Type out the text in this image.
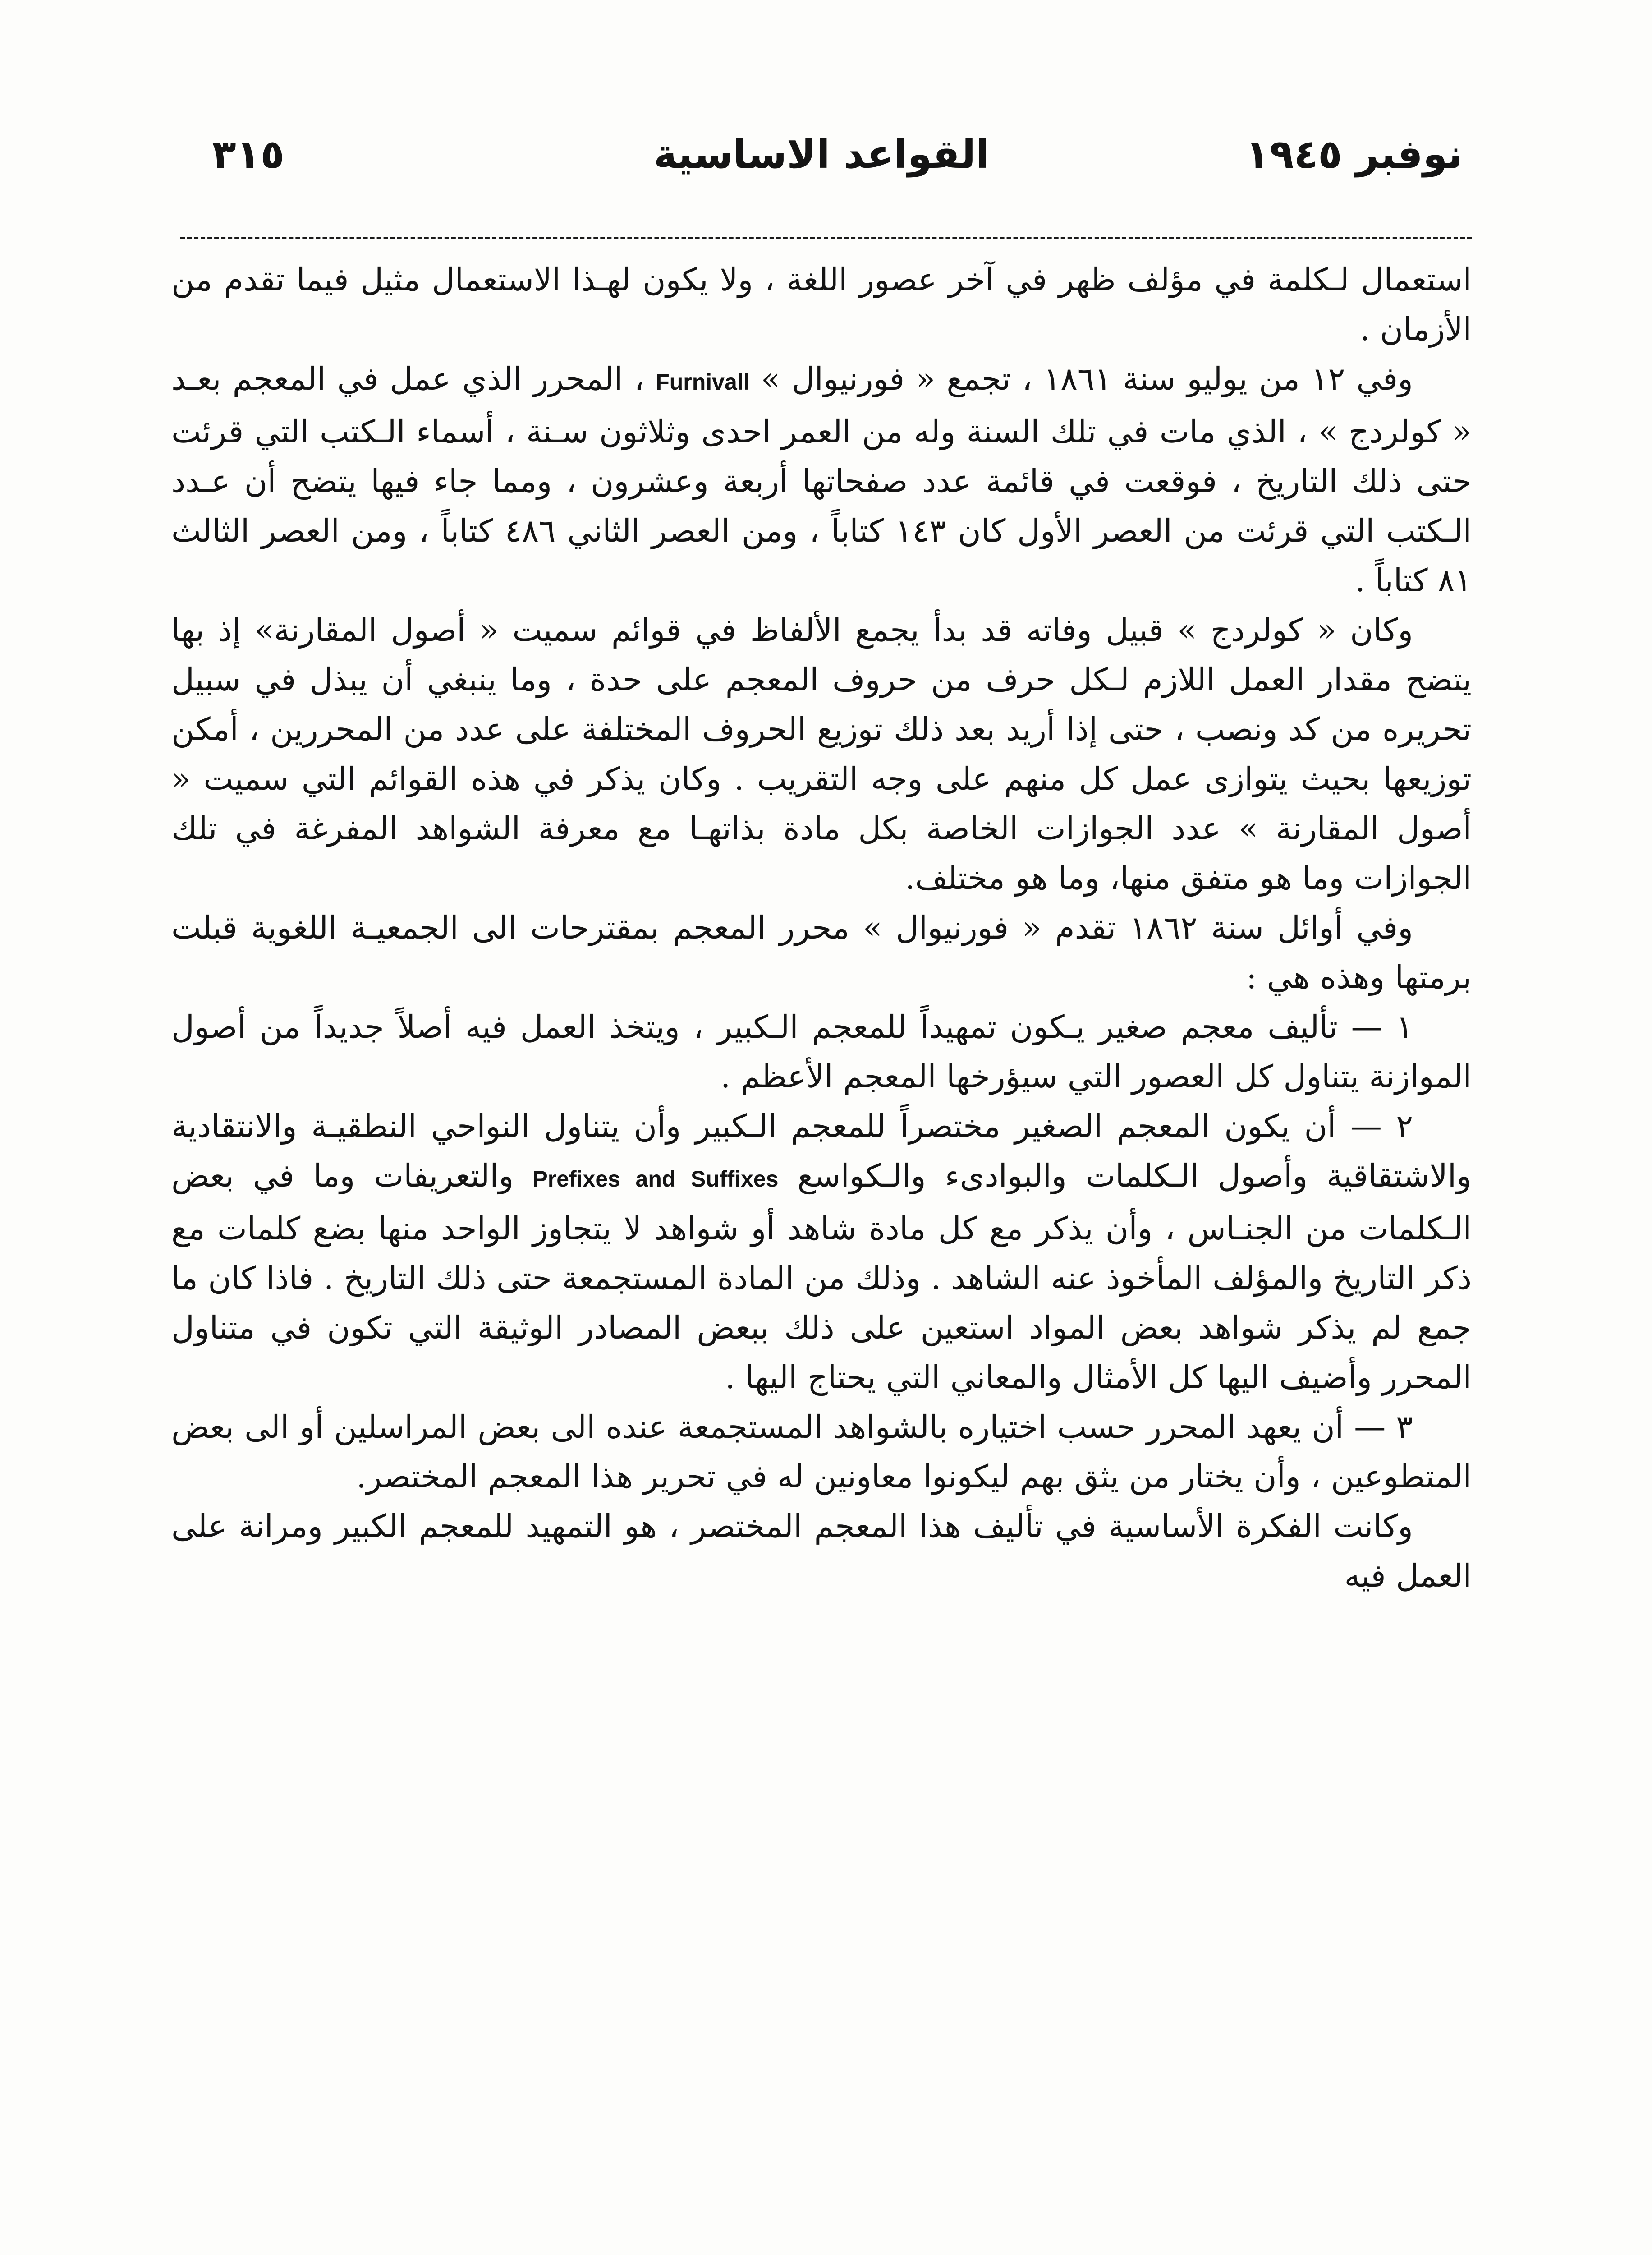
نوفبر ١٩٤٥
القواعد الاساسية
٣١٥

استعمال لـكلمة في مؤلف ظهر في آخر عصور اللغة ، ولا يكون لهـذا الاستعمال مثيل فيما تقدم من الأزمان .

وفي ١٢ من يوليو سنة ١٨٦١ ، تجمع « فورنيوال » Furnivall ، المحرر الذي عمل في المعجم بعـد « كولردج » ، الذي مات في تلك السنة وله من العمر احدى وثلاثون سـنة ، أسماء الـكتب التي قرئت حتى ذلك التاريخ ، فوقعت في قائمة عدد صفحاتها أربعة وعشرون ، ومما جاء فيها يتضح أن عـدد الـكتب التي قرئت من العصر الأول كان ١٤٣ كتاباً ، ومن العصر الثاني ٤٨٦ كتاباً ، ومن العصر الثالث ٨١ كتاباً .

وكان « كولردج » قبيل وفاته قد بدأ يجمع الألفاظ في قوائم سميت « أصول المقارنة» إذ بها يتضح مقدار العمل اللازم لـكل حرف من حروف المعجم على حدة ، وما ينبغي أن يبذل في سبيل تحريره من كد ونصب ، حتى إذا أريد بعد ذلك توزيع الحروف المختلفة على عدد من المحررين ، أمكن توزيعها بحيث يتوازى عمل كل منهم على وجه التقريب . وكان يذكر في هذه القوائم التي سميت « أصول المقارنة » عدد الجوازات الخاصة بكل مادة بذاتهـا مع معرفة الشواهد المفرغة في تلك الجوازات وما هو متفق منها، وما هو مختلف.

وفي أوائل سنة ١٨٦٢ تقدم « فورنيوال » محرر المعجم بمقترحات الى الجمعيـة اللغوية قبلت برمتها وهذه هي :

١ — تأليف معجم صغير يـكون تمهيداً للمعجم الـكبير ، ويتخذ العمل فيه أصلاً جديداً من أصول الموازنة يتناول كل العصور التي سيؤرخها المعجم الأعظم .

٢ — أن يكون المعجم الصغير مختصراً للمعجم الـكبير وأن يتناول النواحي النطقيـة والانتقادية والاشتقاقية وأصول الـكلمات والبوادىء والـكواسع Prefixes and Suffixes والتعريفات وما في بعض الـكلمات من الجنـاس ، وأن يذكر مع كل مادة شاهد أو شواهد لا يتجاوز الواحد منها بضع كلمات مع ذكر التاريخ والمؤلف المأخوذ عنه الشاهد . وذلك من المادة المستجمعة حتى ذلك التاريخ . فاذا كان ما جمع لم يذكر شواهد بعض المواد استعين على ذلك ببعض المصادر الوثيقة التي تكون في متناول المحرر وأضيف اليها كل الأمثال والمعاني التي يحتاج اليها .

٣ — أن يعهد المحرر حسب اختياره بالشواهد المستجمعة عنده الى بعض المراسلين أو الى بعض المتطوعين ، وأن يختار من يثق بهم ليكونوا معاونين له في تحرير هذا المعجم المختصر.

وكانت الفكرة الأساسية في تأليف هذا المعجم المختصر ، هو التمهيد للمعجم الكبير ومرانة على العمل فيه
